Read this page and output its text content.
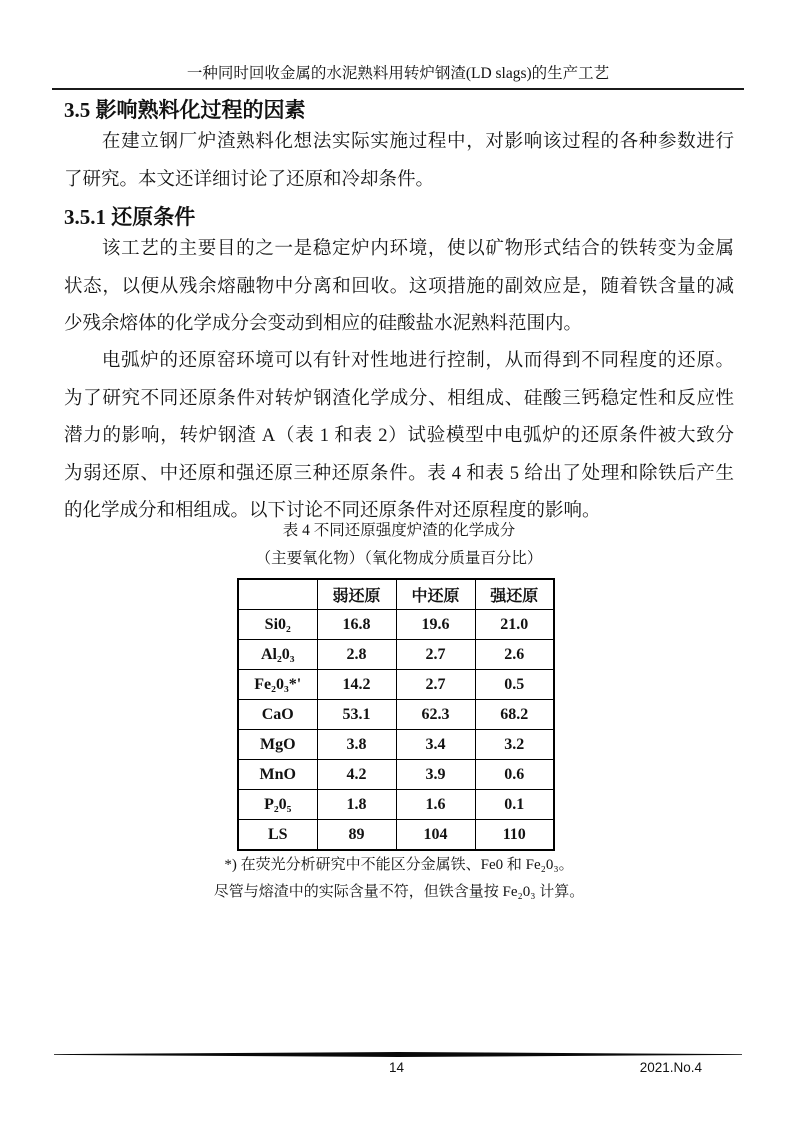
一种同时回收金属的水泥熟料用转炉钢渣(LD slags)的生产工艺
3.5 影响熟料化过程的因素
在建立钢厂炉渣熟料化想法实际实施过程中，对影响该过程的各种参数进行
了研究。本文还详细讨论了还原和冷却条件。
3.5.1 还原条件
该工艺的主要目的之一是稳定炉内环境，使以矿物形式结合的铁转变为金属
状态，以便从残余熔融物中分离和回收。这项措施的副效应是，随着铁含量的减
少残余熔体的化学成分会变动到相应的硅酸盐水泥熟料范围内。
电弧炉的还原窑环境可以有针对性地进行控制，从而得到不同程度的还原。
为了研究不同还原条件对转炉钢渣化学成分、相组成、硅酸三钙稳定性和反应性
潜力的影响，转炉钢渣 A（表 1 和表 2）试验模型中电弧炉的还原条件被大致分
为弱还原、中还原和强还原三种还原条件。表 4 和表 5 给出了处理和除铁后产生
的化学成分和相组成。以下讨论不同还原条件对还原程度的影响。
表 4 不同还原强度炉渣的化学成分
（主要氧化物）（氧化物成分质量百分比）
	弱还原	中还原	强还原
Si0₂	16.8	19.6	21.0
Al₂0₃	2.8	2.7	2.6
Fe₂0₃*'	14.2	2.7	0.5
CaO	53.1	62.3	68.2
MgO	3.8	3.4	3.2
MnO	4.2	3.9	0.6
P₂0₅	1.8	1.6	0.1
LS	89	104	110
*) 在荧光分析研究中不能区分金属铁、Fe0 和 Fe₂0₃。
尽管与熔渣中的实际含量不符，但铁含量按 Fe₂0₃ 计算。
14	2021.No.4
